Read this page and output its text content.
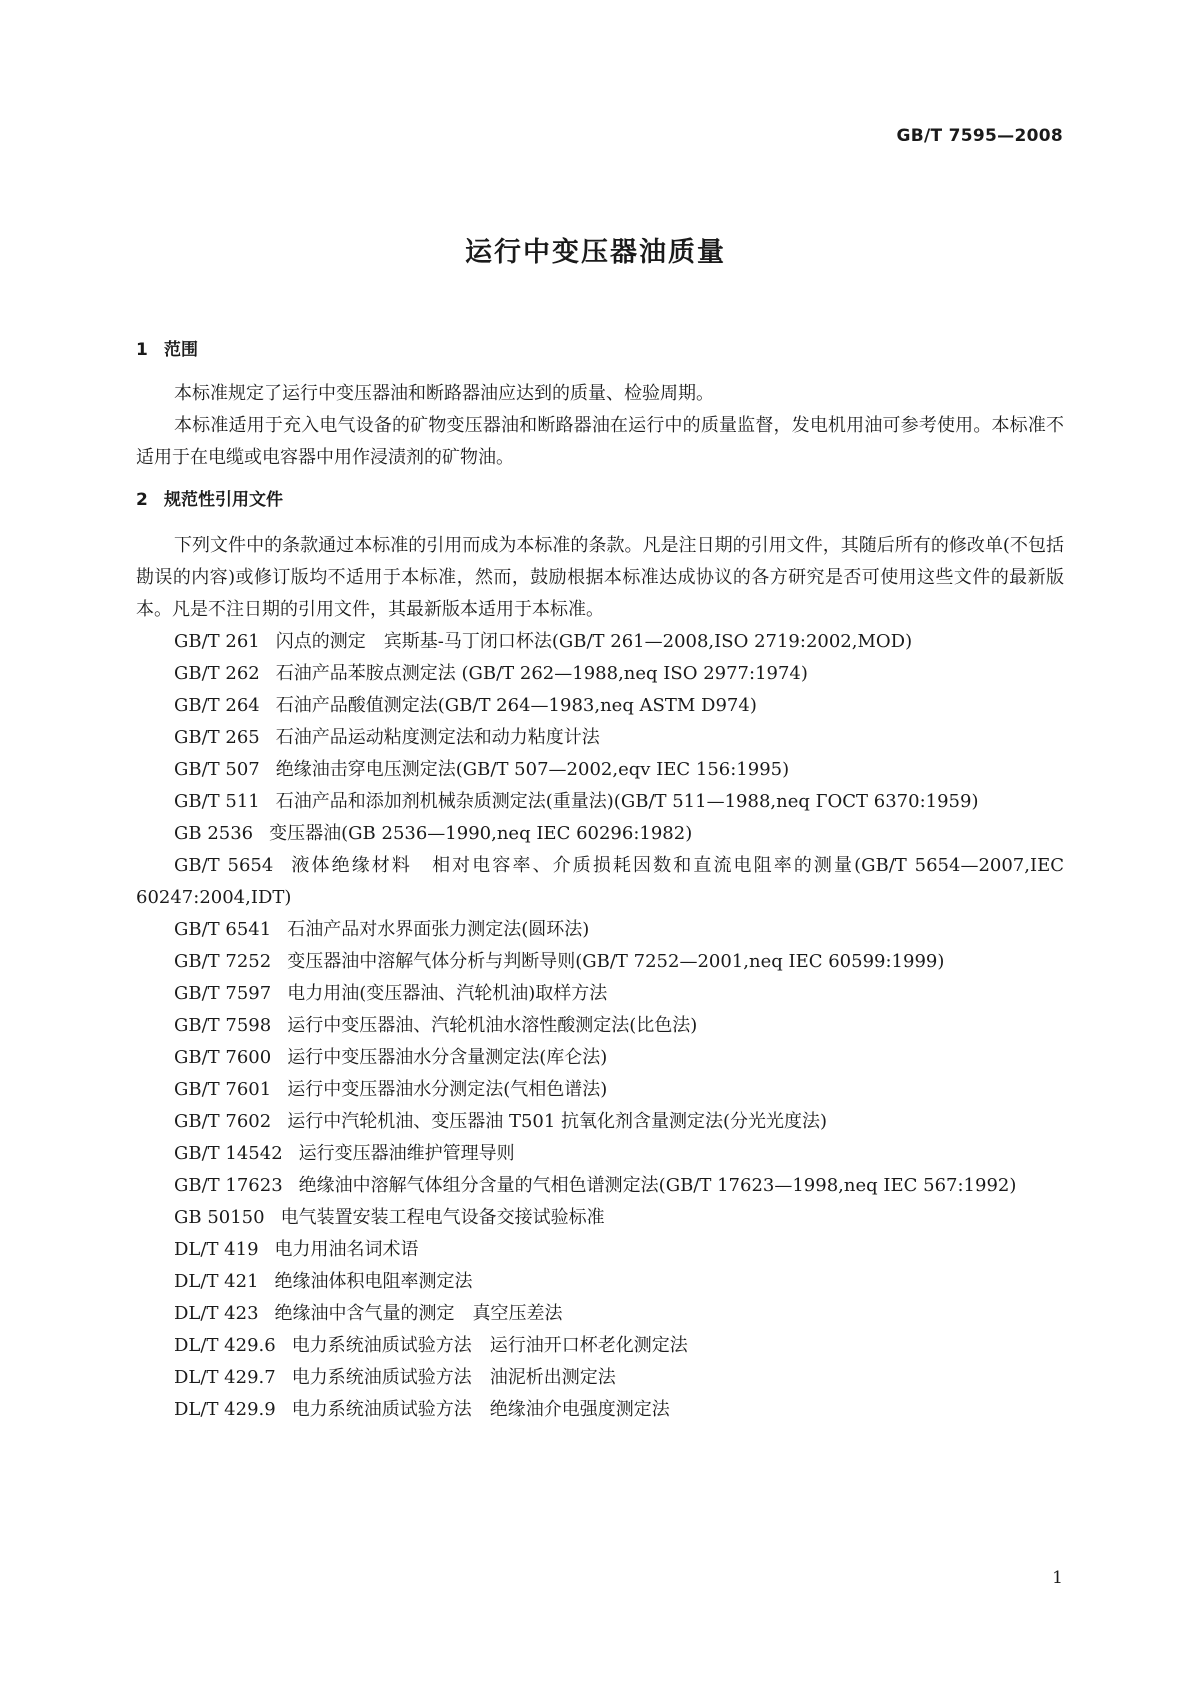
GB/T 7595—2008
运行中变压器油质量
1 范围

本标准规定了运行中变压器油和断路器油应达到的质量、检验周期。

本标准适用于充入电气设备的矿物变压器油和断路器油在运行中的质量监督，发电机用油可参考使用。本标准不适用于在电缆或电容器中用作浸渍剂的矿物油。

2 规范性引用文件

下列文件中的条款通过本标准的引用而成为本标准的条款。凡是注日期的引用文件，其随后所有的修改单(不包括勘误的内容)或修订版均不适用于本标准，然而，鼓励根据本标准达成协议的各方研究是否可使用这些文件的最新版本。凡是不注日期的引用文件，其最新版本适用于本标准。

GB/T 261 闪点的测定　宾斯基-马丁闭口杯法(GB/T 261—2008,ISO 2719:2002,MOD)

GB/T 262 石油产品苯胺点测定法 (GB/T 262—1988,neq ISO 2977:1974)

GB/T 264 石油产品酸值测定法(GB/T 264—1983,neq ASTM D974)

GB/T 265 石油产品运动粘度测定法和动力粘度计法

GB/T 507 绝缘油击穿电压测定法(GB/T 507—2002,eqv IEC 156:1995)

GB/T 511 石油产品和添加剂机械杂质测定法(重量法)(GB/T 511—1988,neq ГОСТ 6370:1959)

GB 2536 变压器油(GB 2536—1990,neq IEC 60296:1982)

GB/T 5654 液体绝缘材料　相对电容率、介质损耗因数和直流电阻率的测量(GB/T 5654—2007,IEC 60247:2004,IDT)

GB/T 6541 石油产品对水界面张力测定法(圆环法)

GB/T 7252 变压器油中溶解气体分析与判断导则(GB/T 7252—2001,neq IEC 60599:1999)

GB/T 7597 电力用油(变压器油、汽轮机油)取样方法

GB/T 7598 运行中变压器油、汽轮机油水溶性酸测定法(比色法)

GB/T 7600 运行中变压器油水分含量测定法(库仑法)

GB/T 7601 运行中变压器油水分测定法(气相色谱法)

GB/T 7602 运行中汽轮机油、变压器油 T501 抗氧化剂含量测定法(分光光度法)

GB/T 14542 运行变压器油维护管理导则

GB/T 17623 绝缘油中溶解气体组分含量的气相色谱测定法(GB/T 17623—1998,neq IEC 567:1992)

GB 50150 电气装置安装工程电气设备交接试验标准

DL/T 419 电力用油名词术语

DL/T 421 绝缘油体积电阻率测定法

DL/T 423 绝缘油中含气量的测定　真空压差法

DL/T 429.6 电力系统油质试验方法　运行油开口杯老化测定法

DL/T 429.7 电力系统油质试验方法　油泥析出测定法

DL/T 429.9 电力系统油质试验方法　绝缘油介电强度测定法

1
